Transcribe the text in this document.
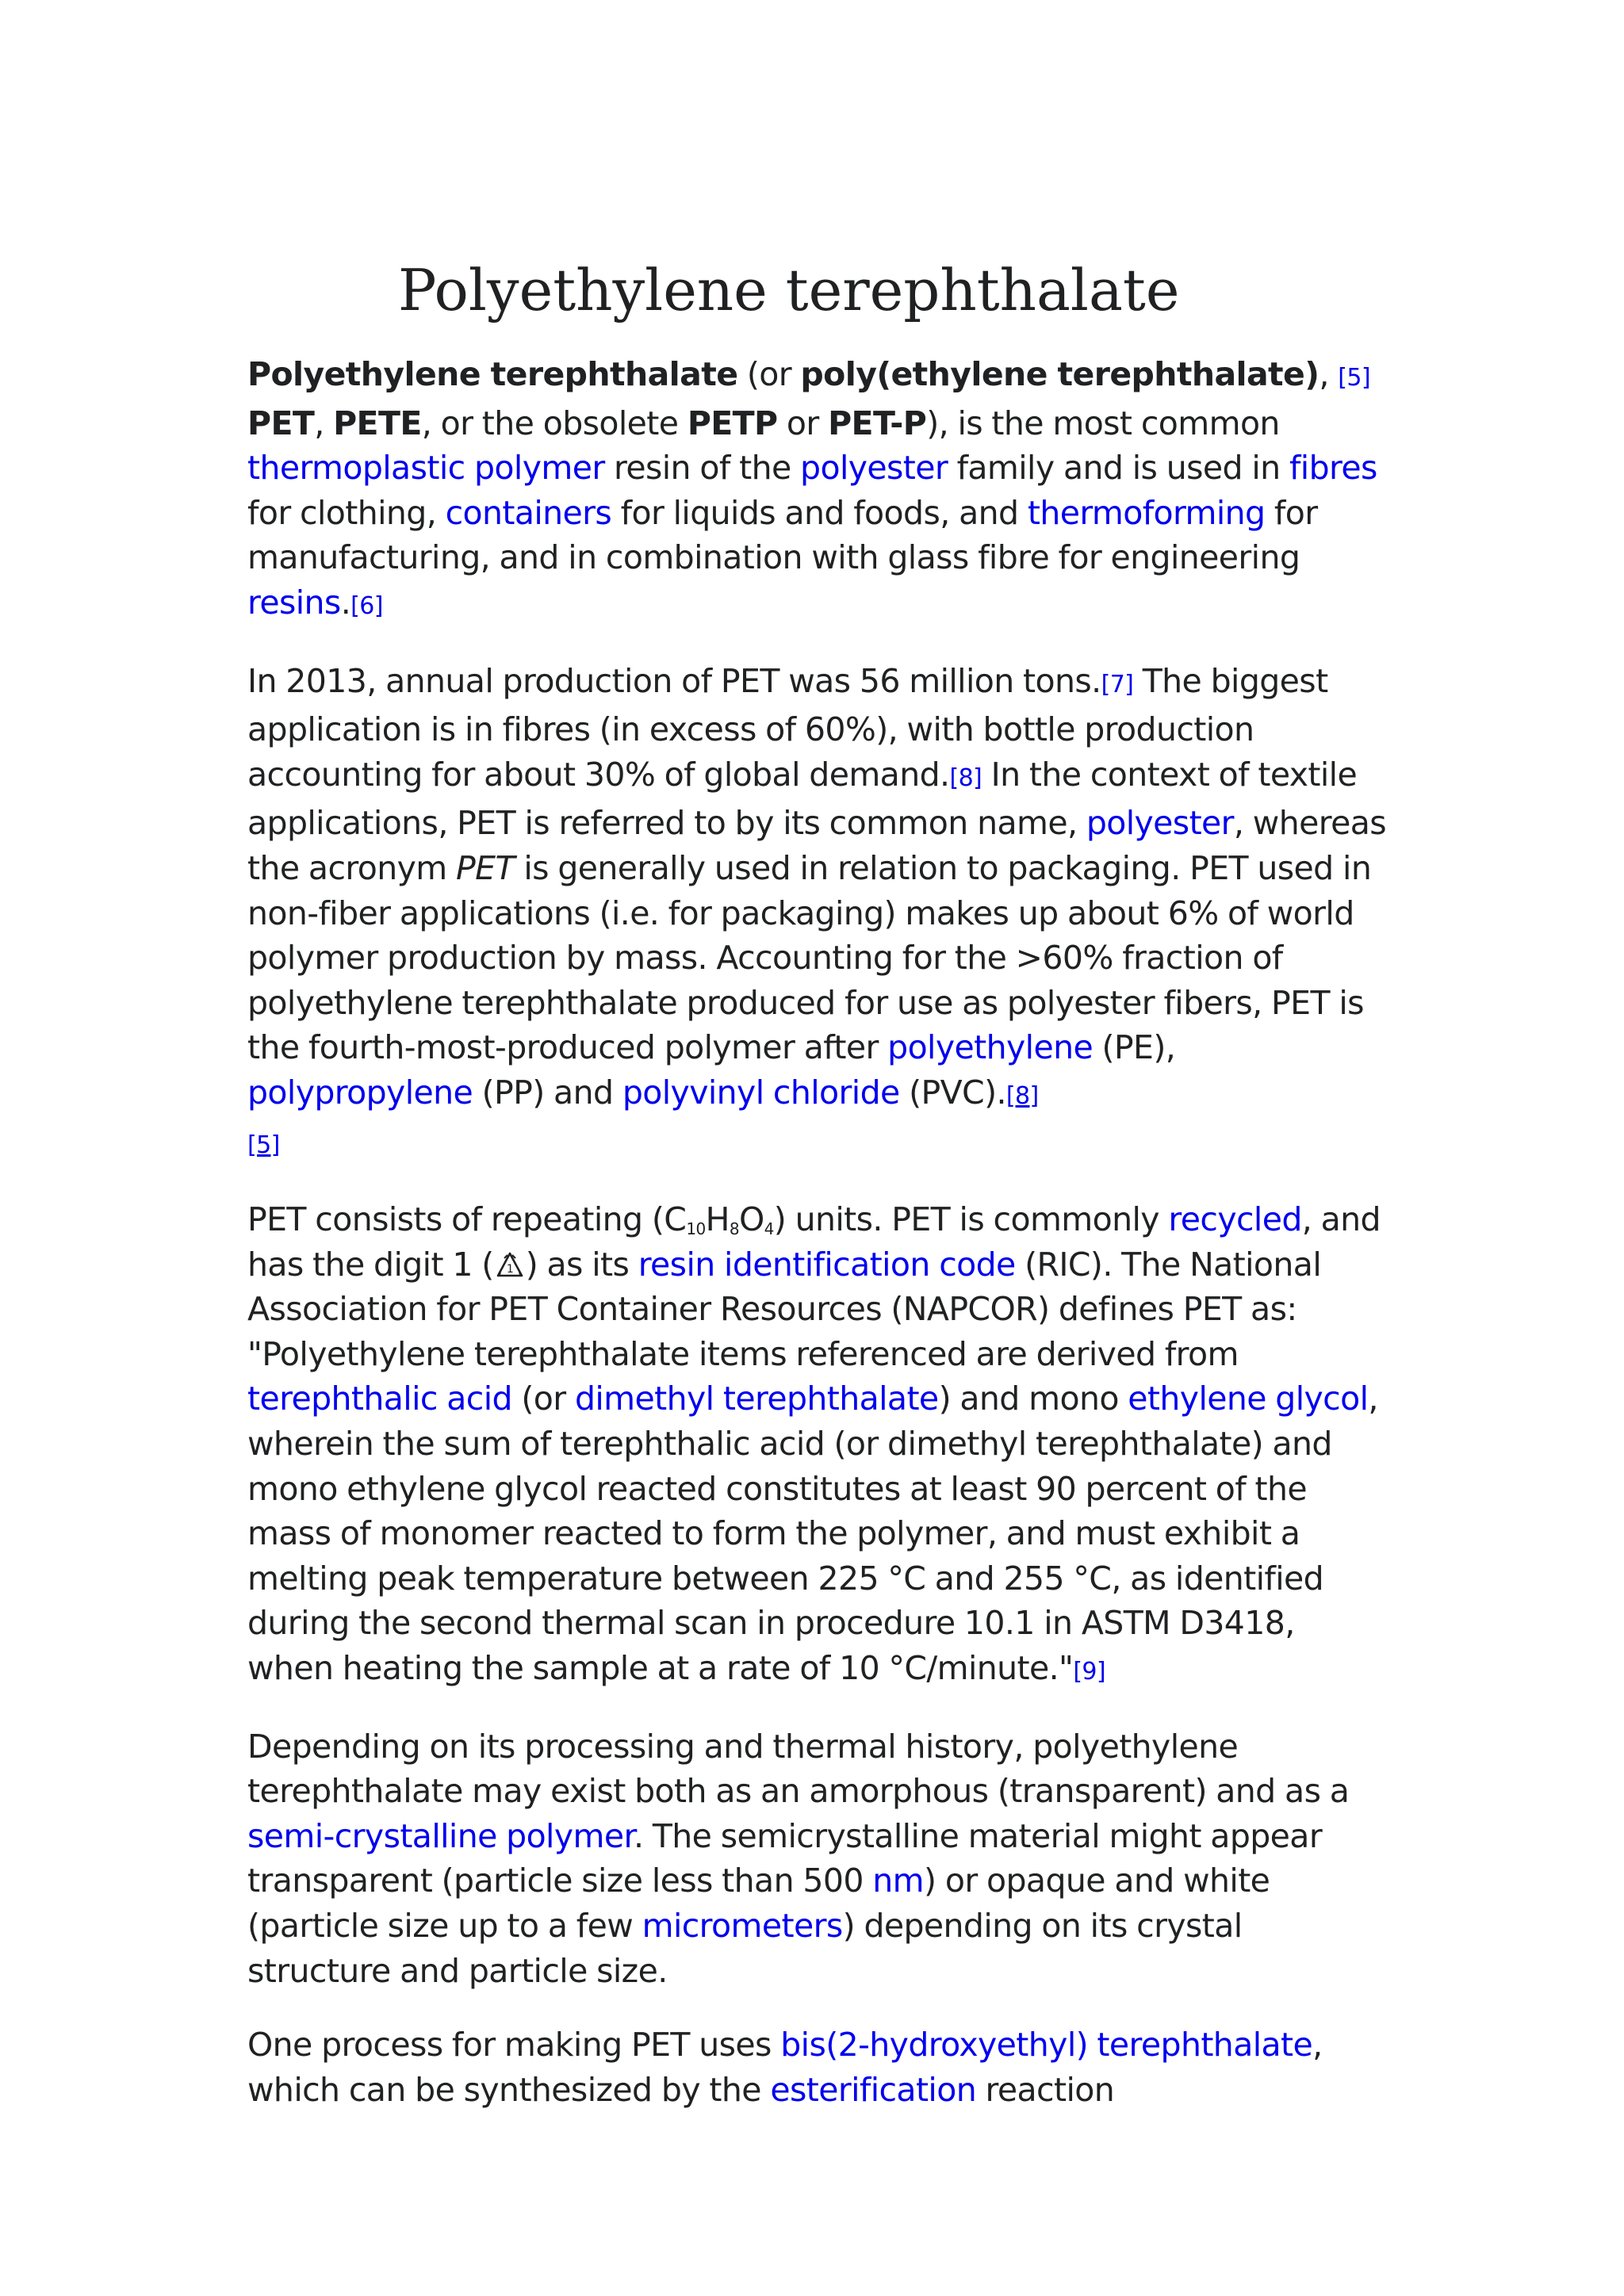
Polyethylene terephthalate

Polyethylene terephthalate (or poly(ethylene terephthalate), [5] PET, PETE, or the obsolete PETP or PET-P), is the most common thermoplastic polymer resin of the polyester family and is used in fibres for clothing, containers for liquids and foods, and thermoforming for manufacturing, and in combination with glass fibre for engineering resins.[6]

In 2013, annual production of PET was 56 million tons.[7] The biggest application is in fibres (in excess of 60%), with bottle production accounting for about 30% of global demand.[8] In the context of textile applications, PET is referred to by its common name, polyester, whereas the acronym PET is generally used in relation to packaging. PET used in non-fiber applications (i.e. for packaging) makes up about 6% of world polymer production by mass. Accounting for the >60% fraction of polyethylene terephthalate produced for use as polyester fibers, PET is the fourth-most-produced polymer after polyethylene (PE), polypropylene (PP) and polyvinyl chloride (PVC).[8]
[5]

PET consists of repeating $(C_{10}H_8O_4)$ units. PET is commonly recycled, and has the digit 1 ( 1 ) as its resin identification code (RIC). The National Association for PET Container Resources (NAPCOR) defines PET as: "Polyethylene terephthalate items referenced are derived from terephthalic acid (or dimethyl terephthalate) and mono ethylene glycol, wherein the sum of terephthalic acid (or dimethyl terephthalate) and mono ethylene glycol reacted constitutes at least 90 percent of the mass of monomer reacted to form the polymer, and must exhibit a melting peak temperature between 225 °C and 255 °C, as identified during the second thermal scan in procedure 10.1 in ASTM D3418, when heating the sample at a rate of 10 °C/minute."[9]

Depending on its processing and thermal history, polyethylene terephthalate may exist both as an amorphous (transparent) and as a semi-crystalline polymer. The semicrystalline material might appear transparent (particle size less than 500 nm) or opaque and white (particle size up to a few micrometers) depending on its crystal structure and particle size.

One process for making PET uses bis(2-hydroxyethyl) terephthalate, which can be synthesized by the esterification reaction
